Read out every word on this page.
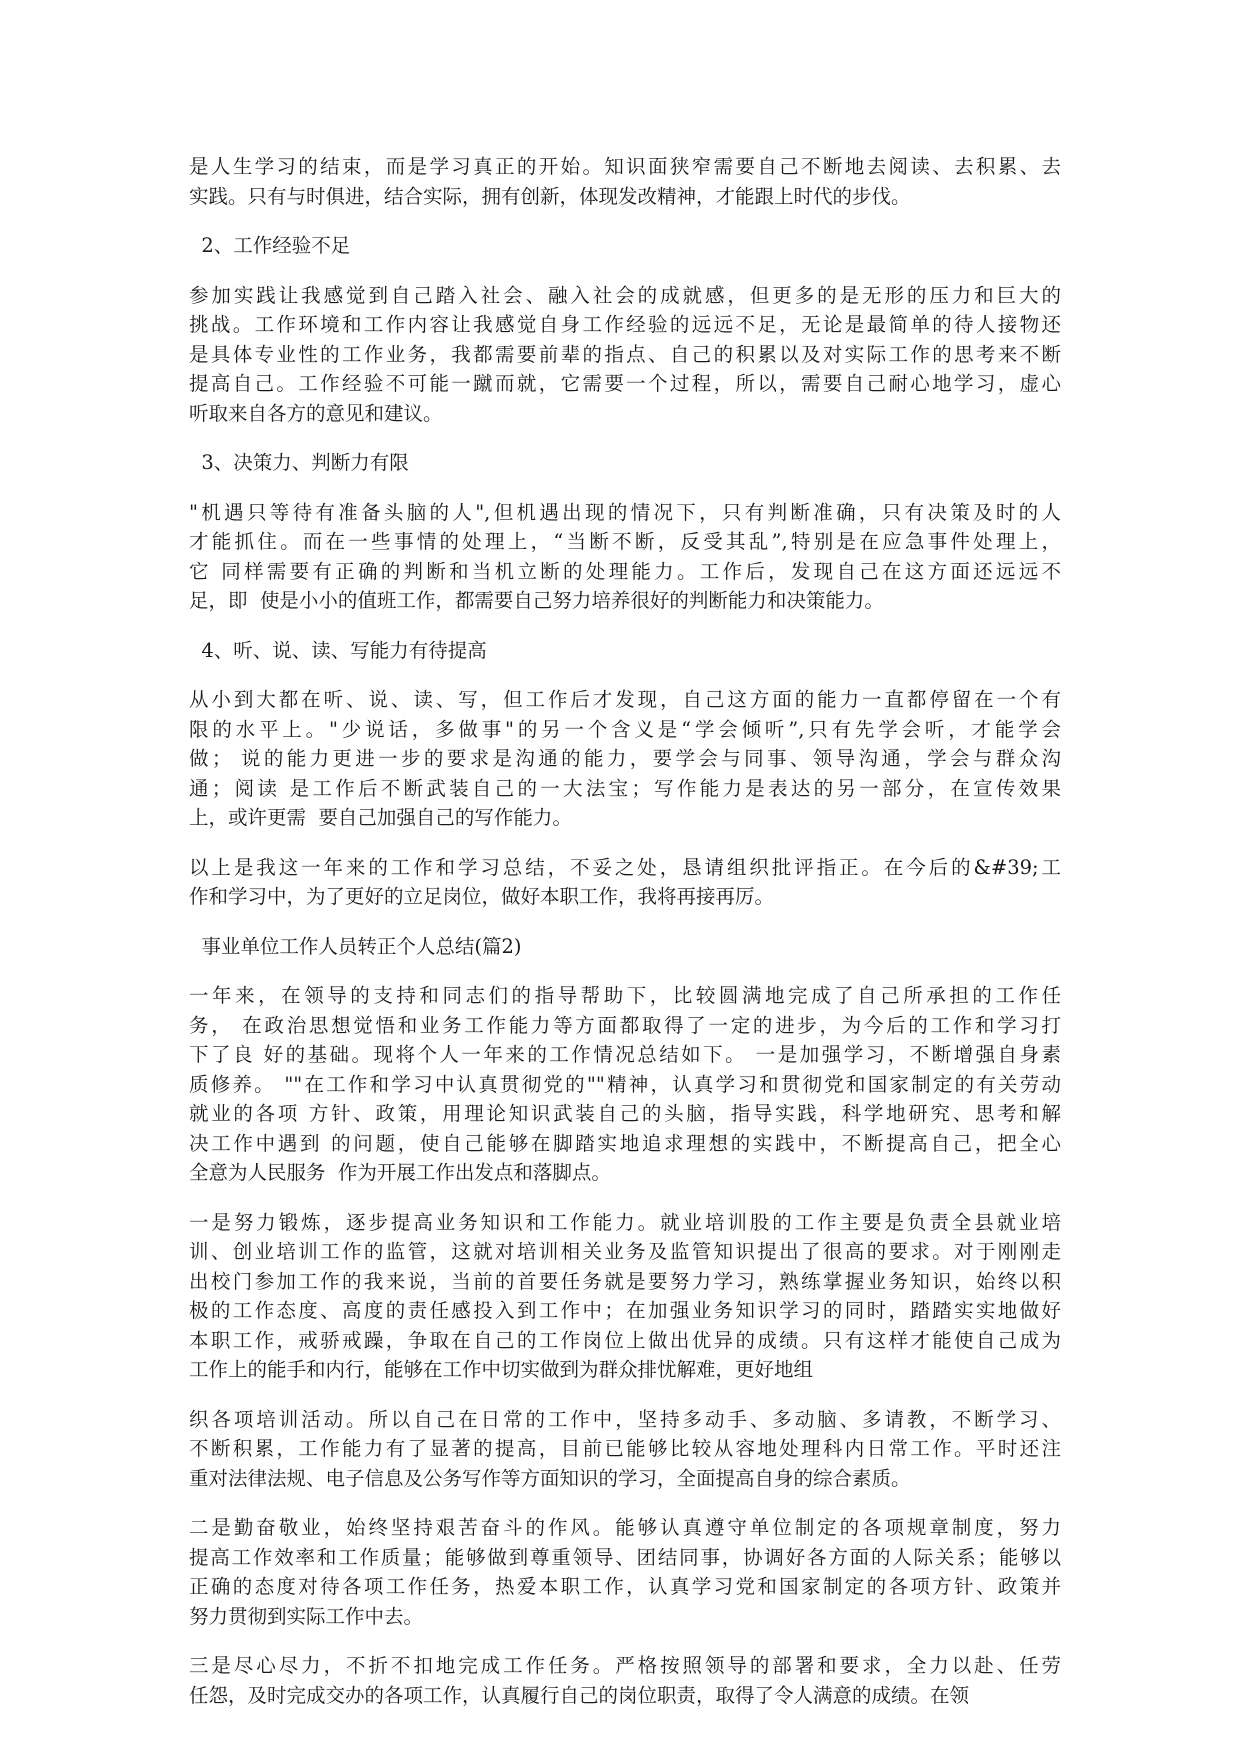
是人生学习的结束，而是学习真正的开始。知识面狭窄需要自己不断地去阅读、去积累、去
实践。只有与时俱进，结合实际，拥有创新，体现发改精神，才能跟上时代的步伐。
2、工作经验不足
参加实践让我感觉到自己踏入社会、融入社会的成就感，但更多的是无形的压力和巨大的
挑战。工作环境和工作内容让我感觉自身工作经验的远远不足，无论是最简单的待人接物还
是具体专业性的工作业务，我都需要前辈的指点、自己的积累以及对实际工作的思考来不断
提高自己。工作经验不可能一蹴而就，它需要一个过程，所以，需要自己耐心地学习，虚心
听取来自各方的意见和建议。
3、决策力、判断力有限
"机遇只等待有准备头脑的人",但机遇出现的情况下，只有判断准确，只有决策及时的人
才能抓住。而在一些事情的处理上，“当断不断，反受其乱”,特别是在应急事件处理上，
它 同样需要有正确的判断和当机立断的处理能力。工作后，发现自己在这方面还远远不
足，即  使是小小的值班工作，都需要自己努力培养很好的判断能力和决策能力。
4、听、说、读、写能力有待提高
从小到大都在听、说、读、写，但工作后才发现，自己这方面的能力一直都停留在一个有
限的水平上。"少说话，多做事"的另一个含义是“学会倾听”,只有先学会听，才能学会
做； 说的能力更进一步的要求是沟通的能力，要学会与同事、领导沟通，学会与群众沟
通；阅读 是工作后不断武装自己的一大法宝；写作能力是表达的另一部分，在宣传效果
上，或许更需  要自己加强自己的写作能力。
以上是我这一年来的工作和学习总结，不妥之处，恳请组织批评指正。在今后的&#39;工
作和学习中，为了更好的立足岗位，做好本职工作，我将再接再厉。
事业单位工作人员转正个人总结(篇2)
一年来，在领导的支持和同志们的指导帮助下，比较圆满地完成了自己所承担的工作任
务， 在政治思想觉悟和业务工作能力等方面都取得了一定的进步，为今后的工作和学习打
下了良 好的基础。现将个人一年来的工作情况总结如下。 一是加强学习，不断增强自身素
质修养。 ""在工作和学习中认真贯彻党的""精神，认真学习和贯彻党和国家制定的有关劳动
就业的各项 方针、政策，用理论知识武装自己的头脑，指导实践，科学地研究、思考和解
决工作中遇到 的问题，使自己能够在脚踏实地追求理想的实践中，不断提高自己，把全心
全意为人民服务  作为开展工作出发点和落脚点。
一是努力锻炼，逐步提高业务知识和工作能力。就业培训股的工作主要是负责全县就业培
训、创业培训工作的监管，这就对培训相关业务及监管知识提出了很高的要求。对于刚刚走
出校门参加工作的我来说，当前的首要任务就是要努力学习，熟练掌握业务知识，始终以积
极的工作态度、高度的责任感投入到工作中；在加强业务知识学习的同时，踏踏实实地做好
本职工作，戒骄戒躁，争取在自己的工作岗位上做出优异的成绩。只有这样才能使自己成为
工作上的能手和内行，能够在工作中切实做到为群众排忧解难，更好地组
织各项培训活动。所以自己在日常的工作中，坚持多动手、多动脑、多请教，不断学习、
不断积累，工作能力有了显著的提高，目前已能够比较从容地处理科内日常工作。平时还注
重对法律法规、电子信息及公务写作等方面知识的学习，全面提高自身的综合素质。
二是勤奋敬业，始终坚持艰苦奋斗的作风。能够认真遵守单位制定的各项规章制度，努力
提高工作效率和工作质量；能够做到尊重领导、团结同事，协调好各方面的人际关系；能够以
正确的态度对待各项工作任务，热爱本职工作，认真学习党和国家制定的各项方针、政策并
努力贯彻到实际工作中去。
三是尽心尽力，不折不扣地完成工作任务。严格按照领导的部署和要求，全力以赴、任劳
任怨，及时完成交办的各项工作，认真履行自己的岗位职责，取得了令人满意的成绩。在领
